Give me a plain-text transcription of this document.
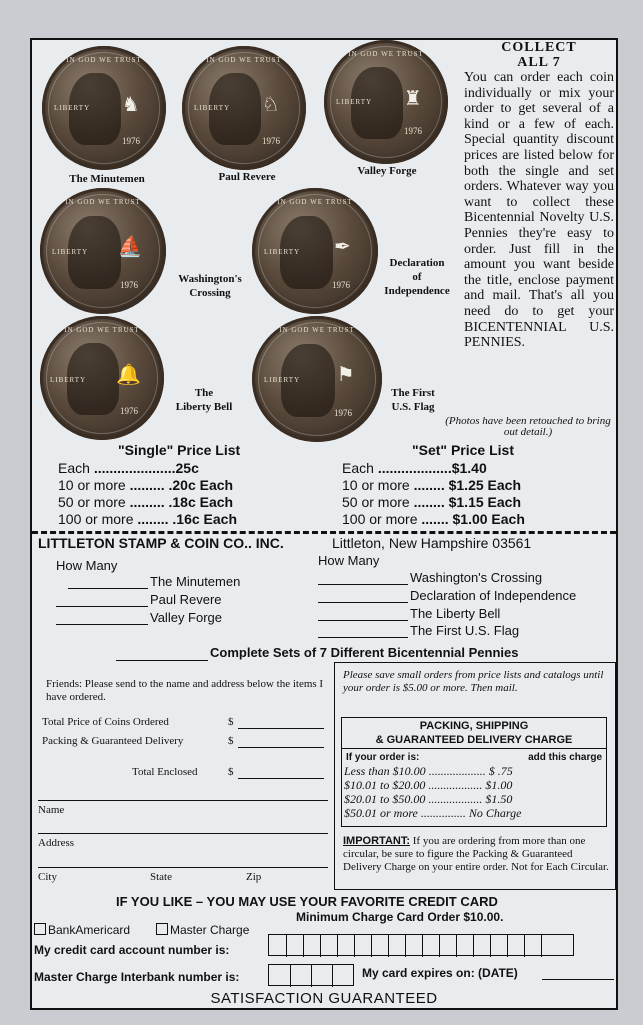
IN GOD WE TRUST
LIBERTY
1976
♞
IN GOD WE TRUST
LIBERTY
1976
♘
IN GOD WE TRUST
LIBERTY
1976
♜
The Minutemen	Paul Revere	Valley Forge
IN GOD WE TRUST
LIBERTY
1976
⛵
Washington's
Crossing
IN GOD WE TRUST
LIBERTY
1976
✒
Declaration
of
Independence
IN GOD WE TRUST
LIBERTY
1976
🔔
The
Liberty Bell
IN GOD WE TRUST
LIBERTY
1976
⚑
The First
U.S. Flag
COLLECT
ALL 7
You can order each coin individually or mix your order to get several of a kind or a few of each. Special quantity discount prices are listed below for both the single and set orders. Whatever way you want to collect these Bicentennial Novelty U.S. Pennies they're easy to order. Just fill in the amount you want beside the title, enclose payment and mail. That's all you need do to get your BICENTENNIAL U.S. PENNIES.
(Photos have been retouched to bring out detail.)
"Single" Price List	"Set" Price List
Each .....................25c
10 or more ......... .20c Each
50 or more ......... .18c Each
100 or more ........ .16c Each
Each ...................$1.40
10 or more ........ $1.25 Each
50 or more ........ $1.15 Each
100 or more ....... $1.00 Each
LITTLETON STAMP & COIN CO.. INC.	Littleton, New Hampshire 03561
How Many	How Many
The Minutemen
Paul Revere
Valley Forge
Washington's Crossing
Declaration of Independence
The Liberty Bell
The First U.S. Flag
Complete Sets of 7 Different Bicentennial Pennies
Friends: Please send to the name and address below the items I have ordered.
Total Price of Coins Ordered	$
Packing & Guaranteed Delivery	$
Total Enclosed	$
Name
Address
City	State	Zip
Please save small orders from price lists and catalogs until your order is $5.00 or more. Then mail.
PACKING, SHIPPING
& GUARANTEED DELIVERY CHARGE
If your order is:	add this charge
Less than $10.00 ................... $ .75
$10.01 to $20.00 .................. $1.00
$20.01 to $50.00 .................. $1.50
$50.01 or more ............... No Charge
IMPORTANT: If you are ordering from more than one circular, be sure to figure the Packing & Guaranteed Delivery Charge on your entire order. Not for Each Circular.
IF YOU LIKE – YOU MAY USE YOUR FAVORITE CREDIT CARD
Minimum Charge Card Order $10.00.
BankAmericard	Master Charge
My credit card account number is:
Master Charge Interbank number is:	My card expires on: (DATE)
SATISFACTION GUARANTEED
